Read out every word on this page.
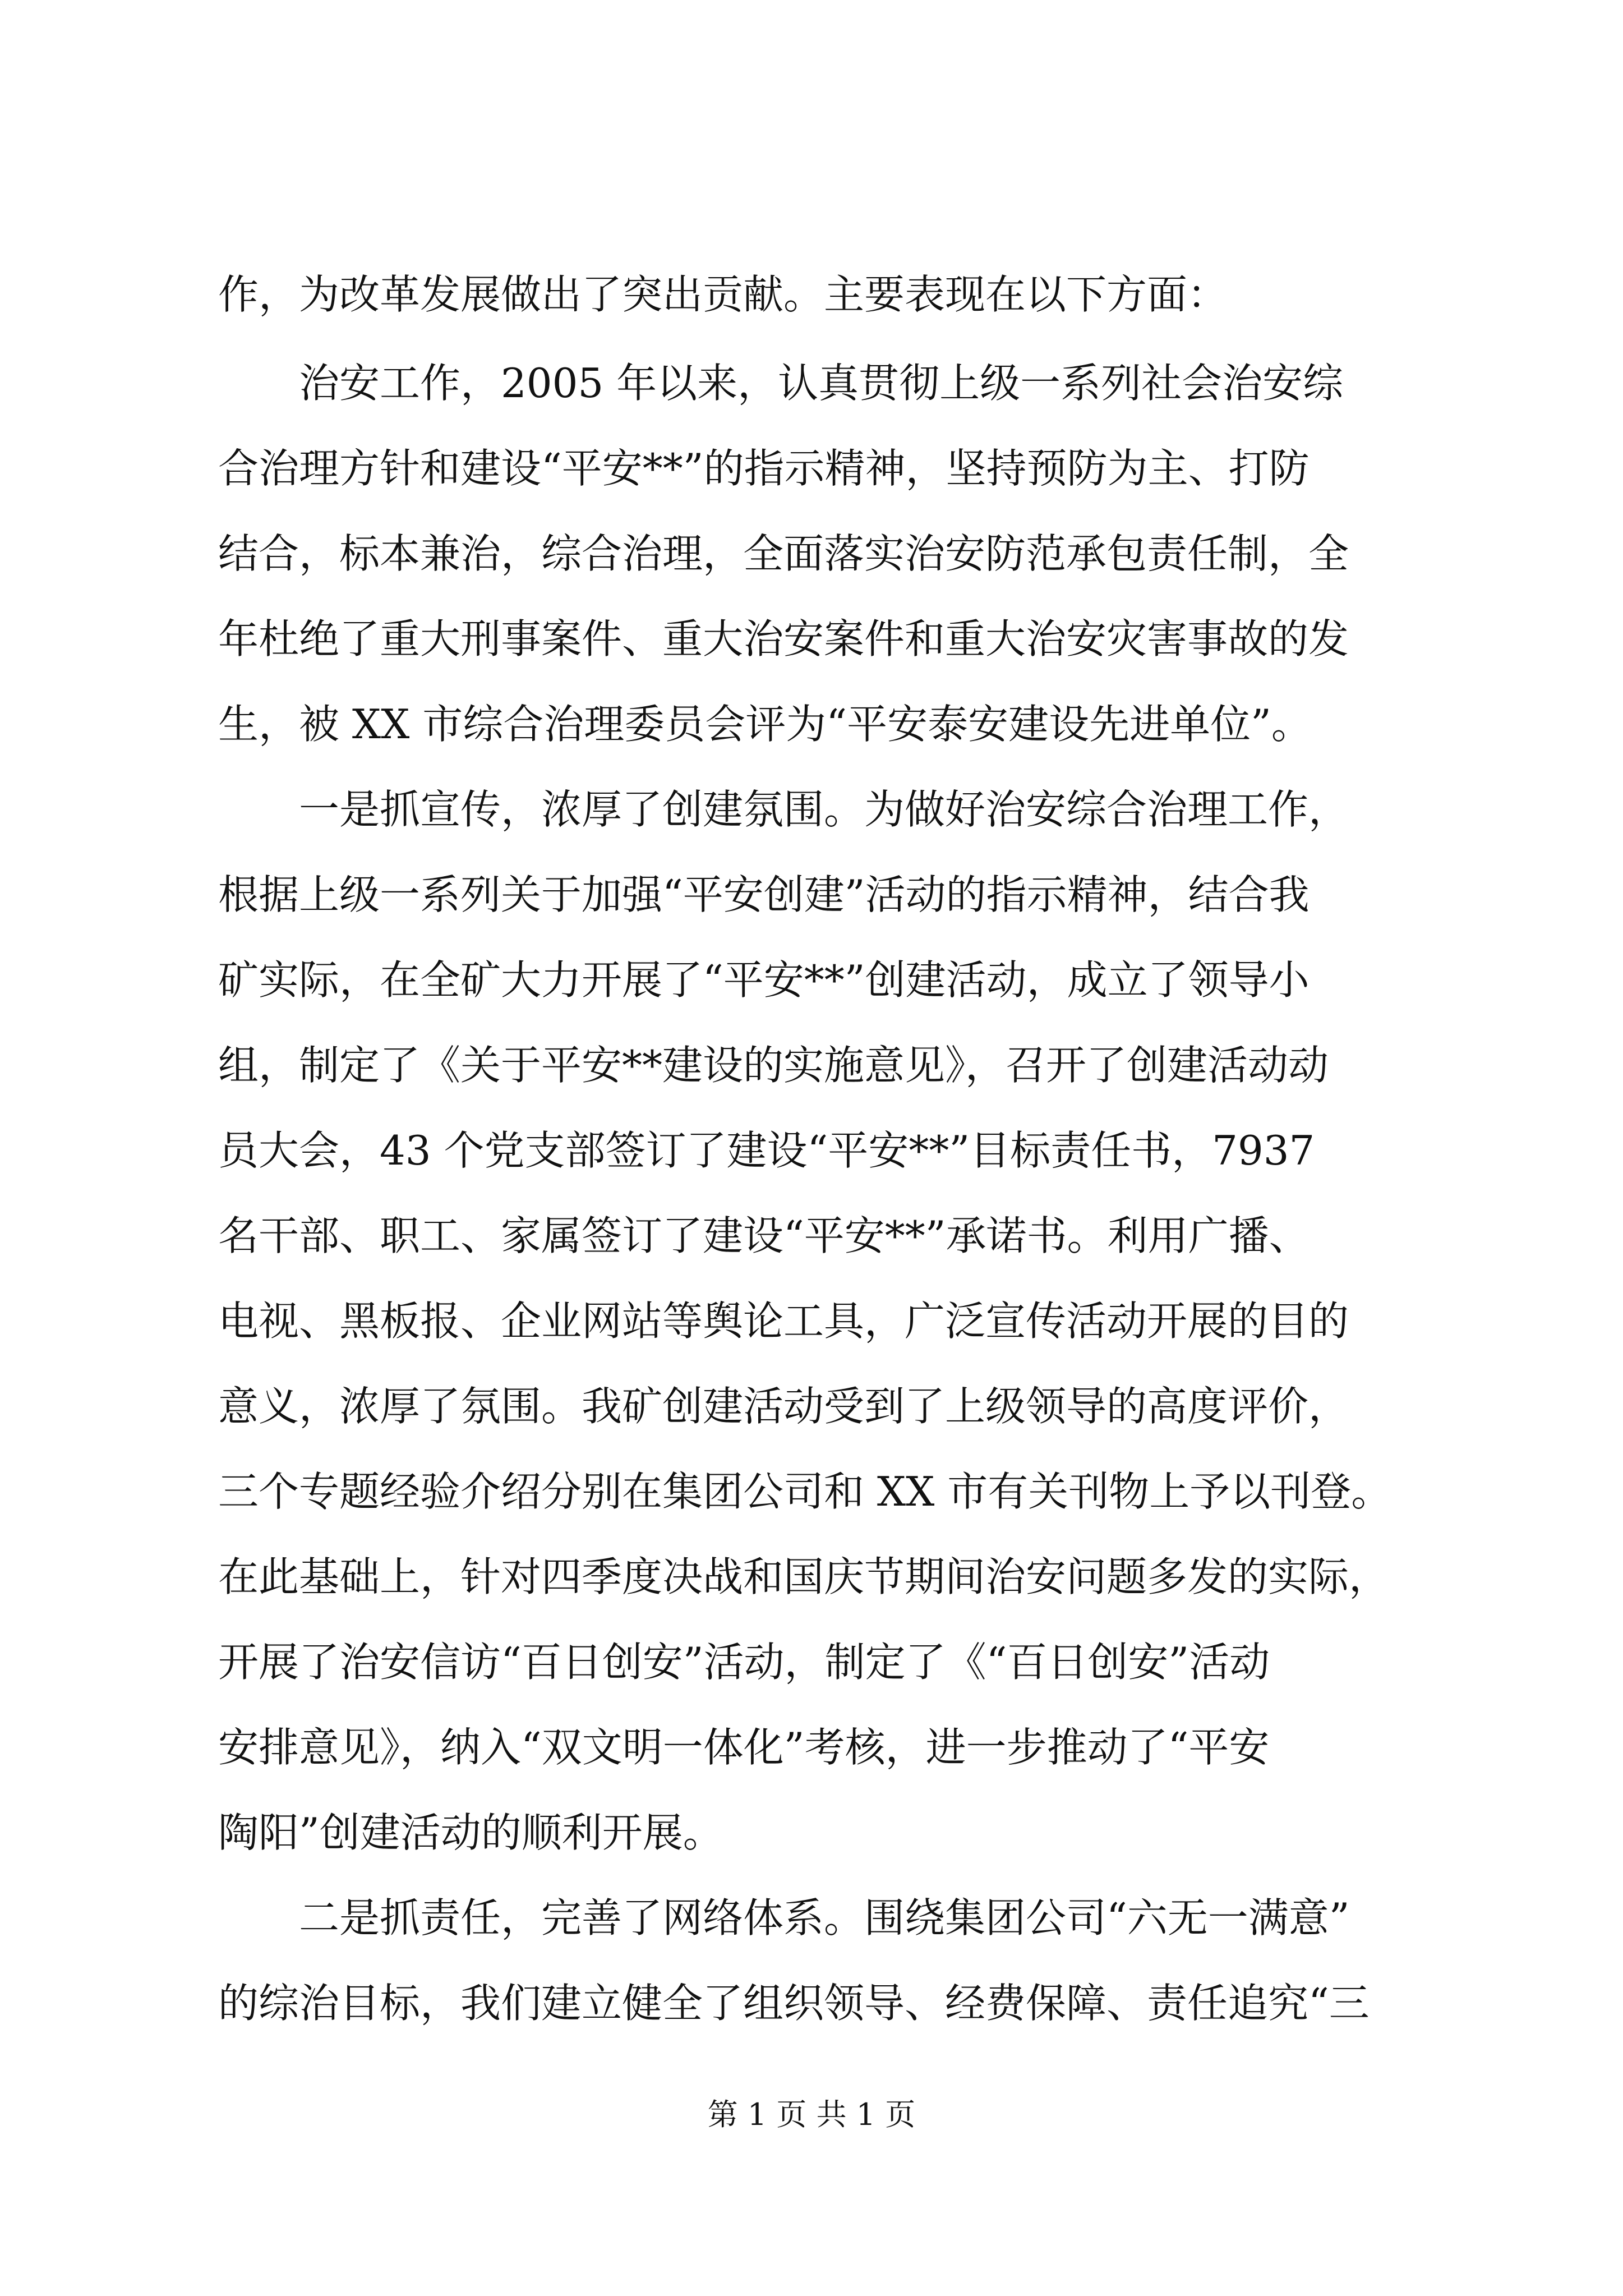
作，为改革发展做出了突出贡献。主要表现在以下方面：
治安工作，2005 年以来，认真贯彻上级一系列社会治安综
合治理方针和建设“平安**”的指示精神，坚持预防为主、打防
结合，标本兼治，综合治理，全面落实治安防范承包责任制，全
年杜绝了重大刑事案件、重大治安案件和重大治安灾害事故的发
生，被 XX 市综合治理委员会评为“平安泰安建设先进单位”。
一是抓宣传，浓厚了创建氛围。为做好治安综合治理工作，
根据上级一系列关于加强“平安创建”活动的指示精神，结合我
矿实际，在全矿大力开展了“平安**”创建活动，成立了领导小
组，制定了《关于平安**建设的实施意见》，召开了创建活动动
员大会，43 个党支部签订了建设“平安**”目标责任书，7937
名干部、职工、家属签订了建设“平安**”承诺书。利用广播、
电视、黑板报、企业网站等舆论工具，广泛宣传活动开展的目的
意义，浓厚了氛围。我矿创建活动受到了上级领导的高度评价，
三个专题经验介绍分别在集团公司和 XX 市有关刊物上予以刊登。
在此基础上，针对四季度决战和国庆节期间治安问题多发的实际，
开展了治安信访“百日创安”活动，制定了《“百日创安”活动
安排意见》，纳入“双文明一体化”考核，进一步推动了“平安
陶阳”创建活动的顺利开展。
二是抓责任，完善了网络体系。围绕集团公司“六无一满意”
的综治目标，我们建立健全了组织领导、经费保障、责任追究“三
第 1 页 共 1 页
